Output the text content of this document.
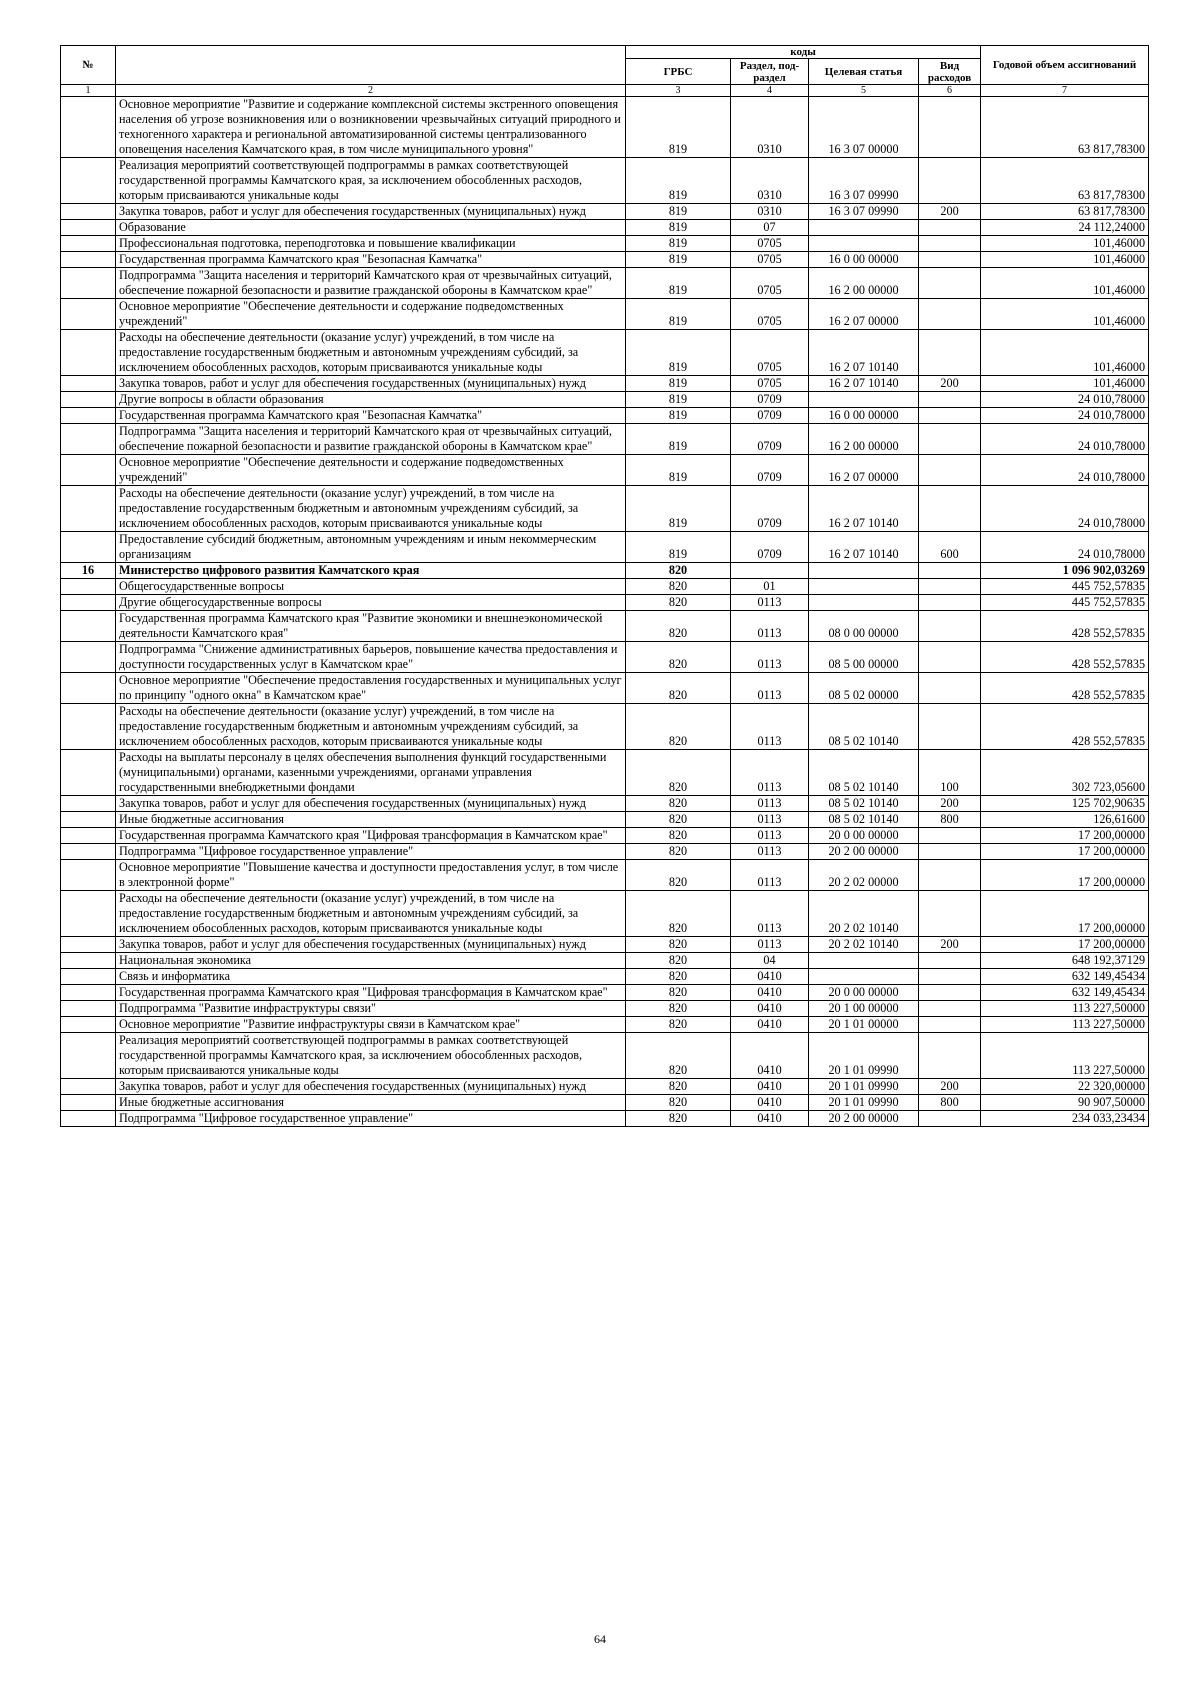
№		коды				Годовой объем ассигнований
		ГРБС	Раздел, под-раздел	Целевая статья	Вид расходов	
1	2	3	4	5	6	7
	Основное мероприятие "Развитие и содержание комплексной системы экстренного оповещения населения об угрозе возникновения или о возникновении чрезвычайных ситуаций природного и техногенного характера и региональной автоматизированной системы централизованного оповещения населения Камчатского края, в том числе муниципального уровня"	819	0310	16 3 07 00000		63 817,78300
	Реализация мероприятий соответствующей подпрограммы в рамках соответствующей государственной программы Камчатского края, за исключением обособленных расходов, которым присваиваются уникальные коды	819	0310	16 3 07 09990		63 817,78300
	Закупка товаров, работ и услуг для обеспечения государственных (муниципальных) нужд	819	0310	16 3 07 09990	200	63 817,78300
	Образование	819	07			24 112,24000
	Профессиональная подготовка, переподготовка и повышение квалификации	819	0705			101,46000
	Государственная программа Камчатского края "Безопасная Камчатка"	819	0705	16 0 00 00000		101,46000
	Подпрограмма "Защита населения и территорий Камчатского края от чрезвычайных ситуаций, обеспечение пожарной безопасности и развитие гражданской обороны в Камчатском крае"	819	0705	16 2 00 00000		101,46000
	Основное мероприятие "Обеспечение деятельности и содержание подведомственных учреждений"	819	0705	16 2 07 00000		101,46000
	Расходы на обеспечение деятельности (оказание услуг) учреждений, в том числе на предоставление государственным бюджетным и автономным учреждениям субсидий, за исключением обособленных расходов, которым присваиваются уникальные коды	819	0705	16 2 07 10140		101,46000
	Закупка товаров, работ и услуг для обеспечения государственных (муниципальных) нужд	819	0705	16 2 07 10140	200	101,46000
	Другие вопросы в области образования	819	0709			24 010,78000
	Государственная программа Камчатского края "Безопасная Камчатка"	819	0709	16 0 00 00000		24 010,78000
	Подпрограмма "Защита населения и территорий Камчатского края от чрезвычайных ситуаций, обеспечение пожарной безопасности и развитие гражданской обороны в Камчатском крае"	819	0709	16 2 00 00000		24 010,78000
	Основное мероприятие "Обеспечение деятельности и содержание подведомственных учреждений"	819	0709	16 2 07 00000		24 010,78000
	Расходы на обеспечение деятельности (оказание услуг) учреждений, в том числе на предоставление государственным бюджетным и автономным учреждениям субсидий, за исключением обособленных расходов, которым присваиваются уникальные коды	819	0709	16 2 07 10140		24 010,78000
	Предоставление субсидий бюджетным, автономным учреждениям и иным некоммерческим организациям	819	0709	16 2 07 10140	600	24 010,78000
16	Министерство цифрового развития Камчатского края	820				1 096 902,03269
	Общегосударственные вопросы	820	01			445 752,57835
	Другие общегосударственные вопросы	820	0113			445 752,57835
	Государственная программа Камчатского края "Развитие экономики и внешнеэкономической деятельности Камчатского края"	820	0113	08 0 00 00000		428 552,57835
	Подпрограмма "Снижение административных барьеров, повышение качества предоставления и доступности государственных услуг в Камчатском крае"	820	0113	08 5 00 00000		428 552,57835
	Основное мероприятие "Обеспечение предоставления государственных и муниципальных услуг по принципу "одного окна" в Камчатском крае"	820	0113	08 5 02 00000		428 552,57835
	Расходы на обеспечение деятельности (оказание услуг) учреждений, в том числе на предоставление государственным бюджетным и автономным учреждениям субсидий, за исключением обособленных расходов, которым присваиваются уникальные коды	820	0113	08 5 02 10140		428 552,57835
	Расходы на выплаты персоналу в целях обеспечения выполнения функций государственными (муниципальными) органами, казенными учреждениями, органами управления государственными внебюджетными фондами	820	0113	08 5 02 10140	100	302 723,05600
	Закупка товаров, работ и услуг для обеспечения государственных (муниципальных) нужд	820	0113	08 5 02 10140	200	125 702,90635
	Иные бюджетные ассигнования	820	0113	08 5 02 10140	800	126,61600
	Государственная программа Камчатского края "Цифровая трансформация в Камчатском крае"	820	0113	20 0 00 00000		17 200,00000
	Подпрограмма "Цифровое государственное управление"	820	0113	20 2 00 00000		17 200,00000
	Основное мероприятие "Повышение качества и доступности предоставления услуг, в том числе в электронной форме"	820	0113	20 2 02 00000		17 200,00000
	Расходы на обеспечение деятельности (оказание услуг) учреждений, в том числе на предоставление государственным бюджетным и автономным учреждениям субсидий, за исключением обособленных расходов, которым присваиваются уникальные коды	820	0113	20 2 02 10140		17 200,00000
	Закупка товаров, работ и услуг для обеспечения государственных (муниципальных) нужд	820	0113	20 2 02 10140	200	17 200,00000
	Национальная экономика	820	04			648 192,37129
	Связь и информатика	820	0410			632 149,45434
	Государственная программа Камчатского края "Цифровая трансформация в Камчатском крае"	820	0410	20 0 00 00000		632 149,45434
	Подпрограмма "Развитие инфраструктуры связи"	820	0410	20 1 00 00000		113 227,50000
	Основное мероприятие "Развитие инфраструктуры связи в Камчатском крае"	820	0410	20 1 01 00000		113 227,50000
	Реализация мероприятий соответствующей подпрограммы в рамках соответствующей государственной программы Камчатского края, за исключением обособленных расходов, которым присваиваются уникальные коды	820	0410	20 1 01 09990		113 227,50000
	Закупка товаров, работ и услуг для обеспечения государственных (муниципальных) нужд	820	0410	20 1 01 09990	200	22 320,00000
	Иные бюджетные ассигнования	820	0410	20 1 01 09990	800	90 907,50000
	Подпрограмма "Цифровое государственное управление"	820	0410	20 2 00 00000		234 033,23434
64
